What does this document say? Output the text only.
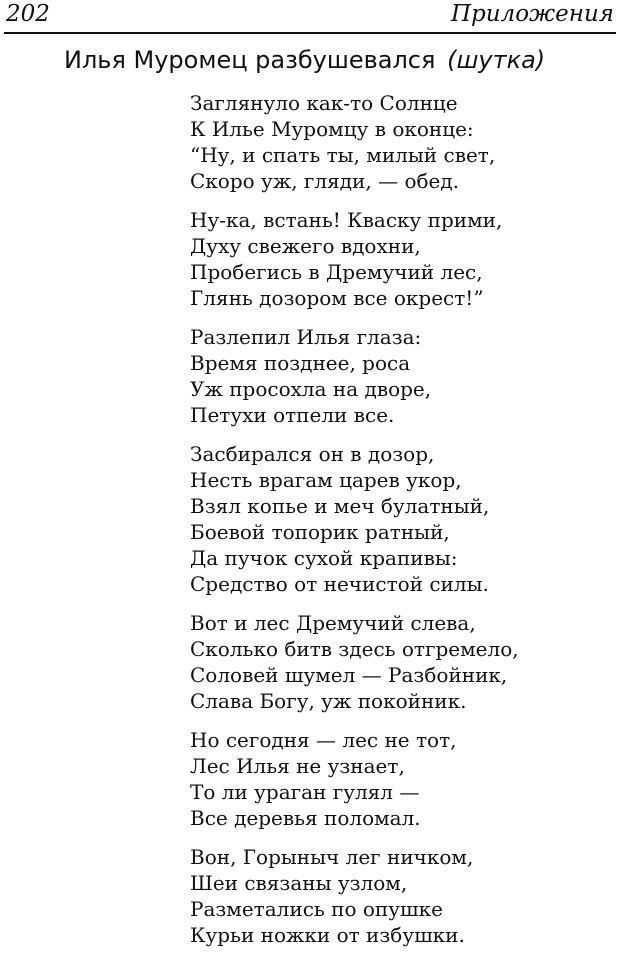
202	Приложения
Илья Муромец разбушевался (шутка)
Заглянуло как-то Солнце
К Илье Муромцу в оконце:
“Ну, и спать ты, милый свет,
Скоро уж, гляди, — обед.
Ну-ка, встань! Кваску прими,
Духу свежего вдохни,
Пробегись в Дремучий лес,
Глянь дозором все окрест!”
Разлепил Илья глаза:
Время позднее, роса
Уж просохла на дворе,
Петухи отпели все.
Засбирался он в дозор,
Несть врагам царев укор,
Взял копье и меч булатный,
Боевой топорик ратный,
Да пучок сухой крапивы:
Средство от нечистой силы.
Вот и лес Дремучий слева,
Сколько битв здесь отгремело,
Соловей шумел — Разбойник,
Слава Богу, уж покойник.
Но сегодня — лес не тот,
Лес Илья не узнает,
То ли ураган гулял —
Все деревья поломал.
Вон, Горыныч лег ничком,
Шеи связаны узлом,
Разметались по опушке
Курьи ножки от избушки.
